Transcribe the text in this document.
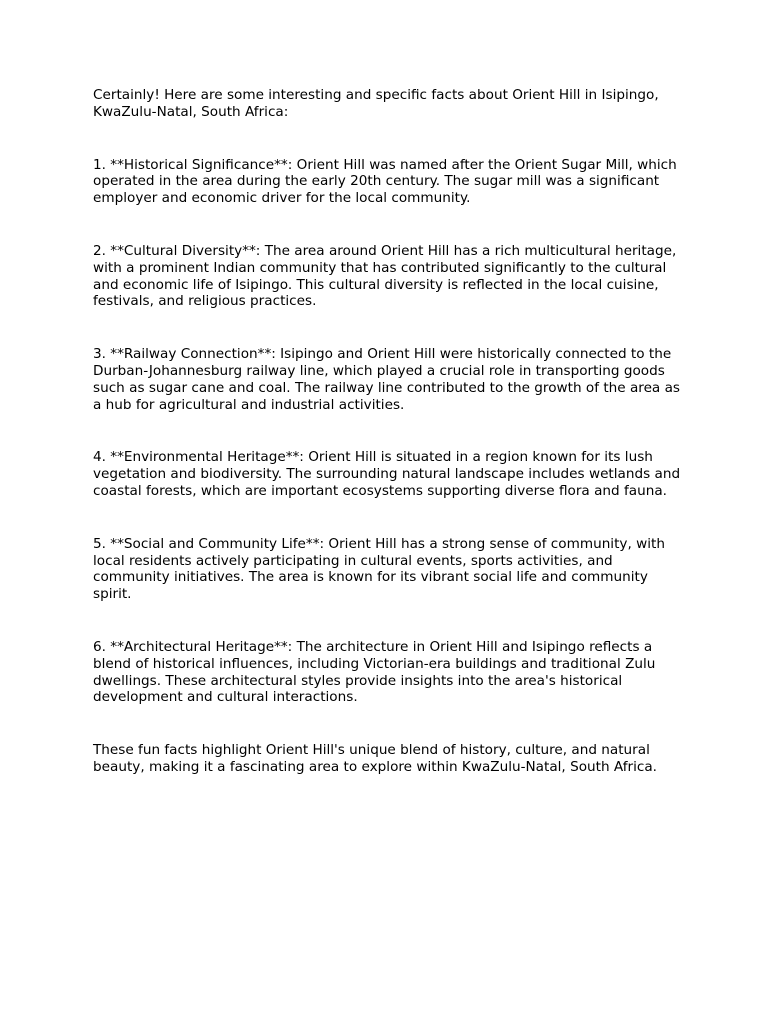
Certainly! Here are some interesting and specific facts about Orient Hill in Isipingo, KwaZulu-Natal, South Africa:

1. **Historical Significance**: Orient Hill was named after the Orient Sugar Mill, which operated in the area during the early 20th century. The sugar mill was a significant employer and economic driver for the local community.

2. **Cultural Diversity**: The area around Orient Hill has a rich multicultural heritage, with a prominent Indian community that has contributed significantly to the cultural and economic life of Isipingo. This cultural diversity is reflected in the local cuisine, festivals, and religious practices.

3. **Railway Connection**: Isipingo and Orient Hill were historically connected to the Durban-Johannesburg railway line, which played a crucial role in transporting goods such as sugar cane and coal. The railway line contributed to the growth of the area as a hub for agricultural and industrial activities.

4. **Environmental Heritage**: Orient Hill is situated in a region known for its lush vegetation and biodiversity. The surrounding natural landscape includes wetlands and coastal forests, which are important ecosystems supporting diverse flora and fauna.

5. **Social and Community Life**: Orient Hill has a strong sense of community, with local residents actively participating in cultural events, sports activities, and community initiatives. The area is known for its vibrant social life and community spirit.

6. **Architectural Heritage**: The architecture in Orient Hill and Isipingo reflects a blend of historical influences, including Victorian-era buildings and traditional Zulu dwellings. These architectural styles provide insights into the area's historical development and cultural interactions.

These fun facts highlight Orient Hill's unique blend of history, culture, and natural beauty, making it a fascinating area to explore within KwaZulu-Natal, South Africa.
